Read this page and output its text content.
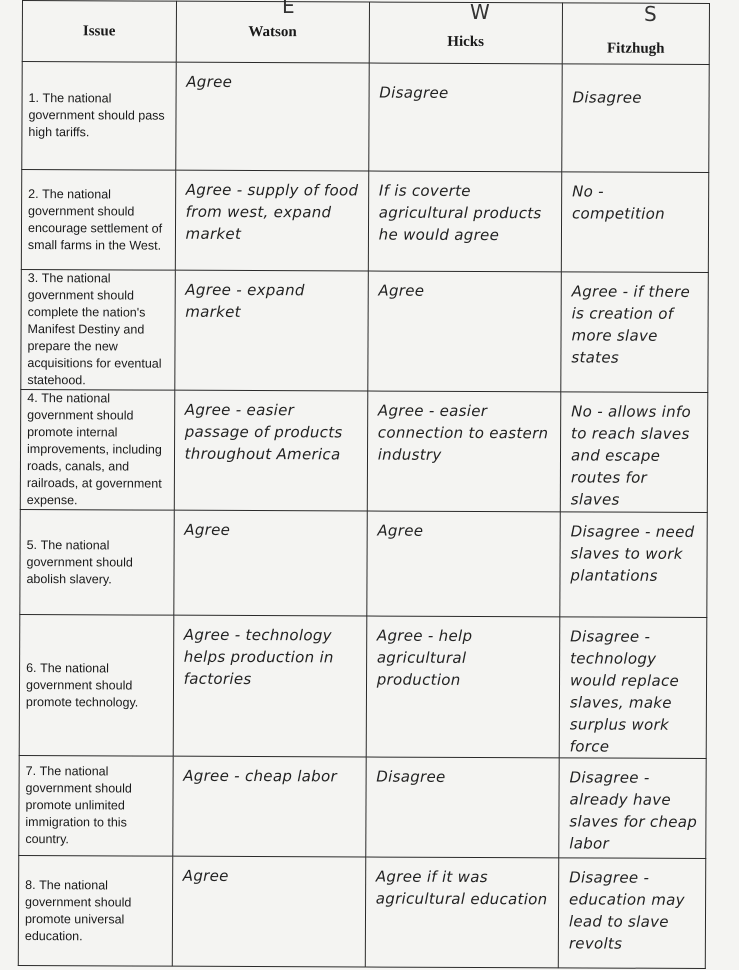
E	W	S
Issue	Watson	Hicks	Fitzhugh
1. The national government should pass high tariffs.	Agree	Disagree	Disagree
2. The national government should encourage settlement of small farms in the West.	Agree - supply of food from west, expand market	If is coverte agricultural products he would agree	No - competition
3. The national government should complete the nation's Manifest Destiny and prepare the new acquisitions for eventual statehood.	Agree - expand market	Agree	Agree - if there is creation of more slave states
4. The national government should promote internal improvements, including roads, canals, and railroads, at government expense.	Agree - easier passage of products throughout America	Agree - easier connection to eastern industry	No - allows info to reach slaves and escape routes for slaves
5. The national government should abolish slavery.	Agree	Agree	Disagree - need slaves to work plantations
6. The national government should promote technology.	Agree - technology helps production in factories	Agree - help agricultural production	Disagree - technology would replace slaves, make surplus work force
7. The national government should promote unlimited immigration to this country.	Agree - cheap labor	Disagree	Disagree - already have slaves for cheap labor
8. The national government should promote universal education.	Agree	Agree if it was agricultural education	Disagree - education may lead to slave revolts
